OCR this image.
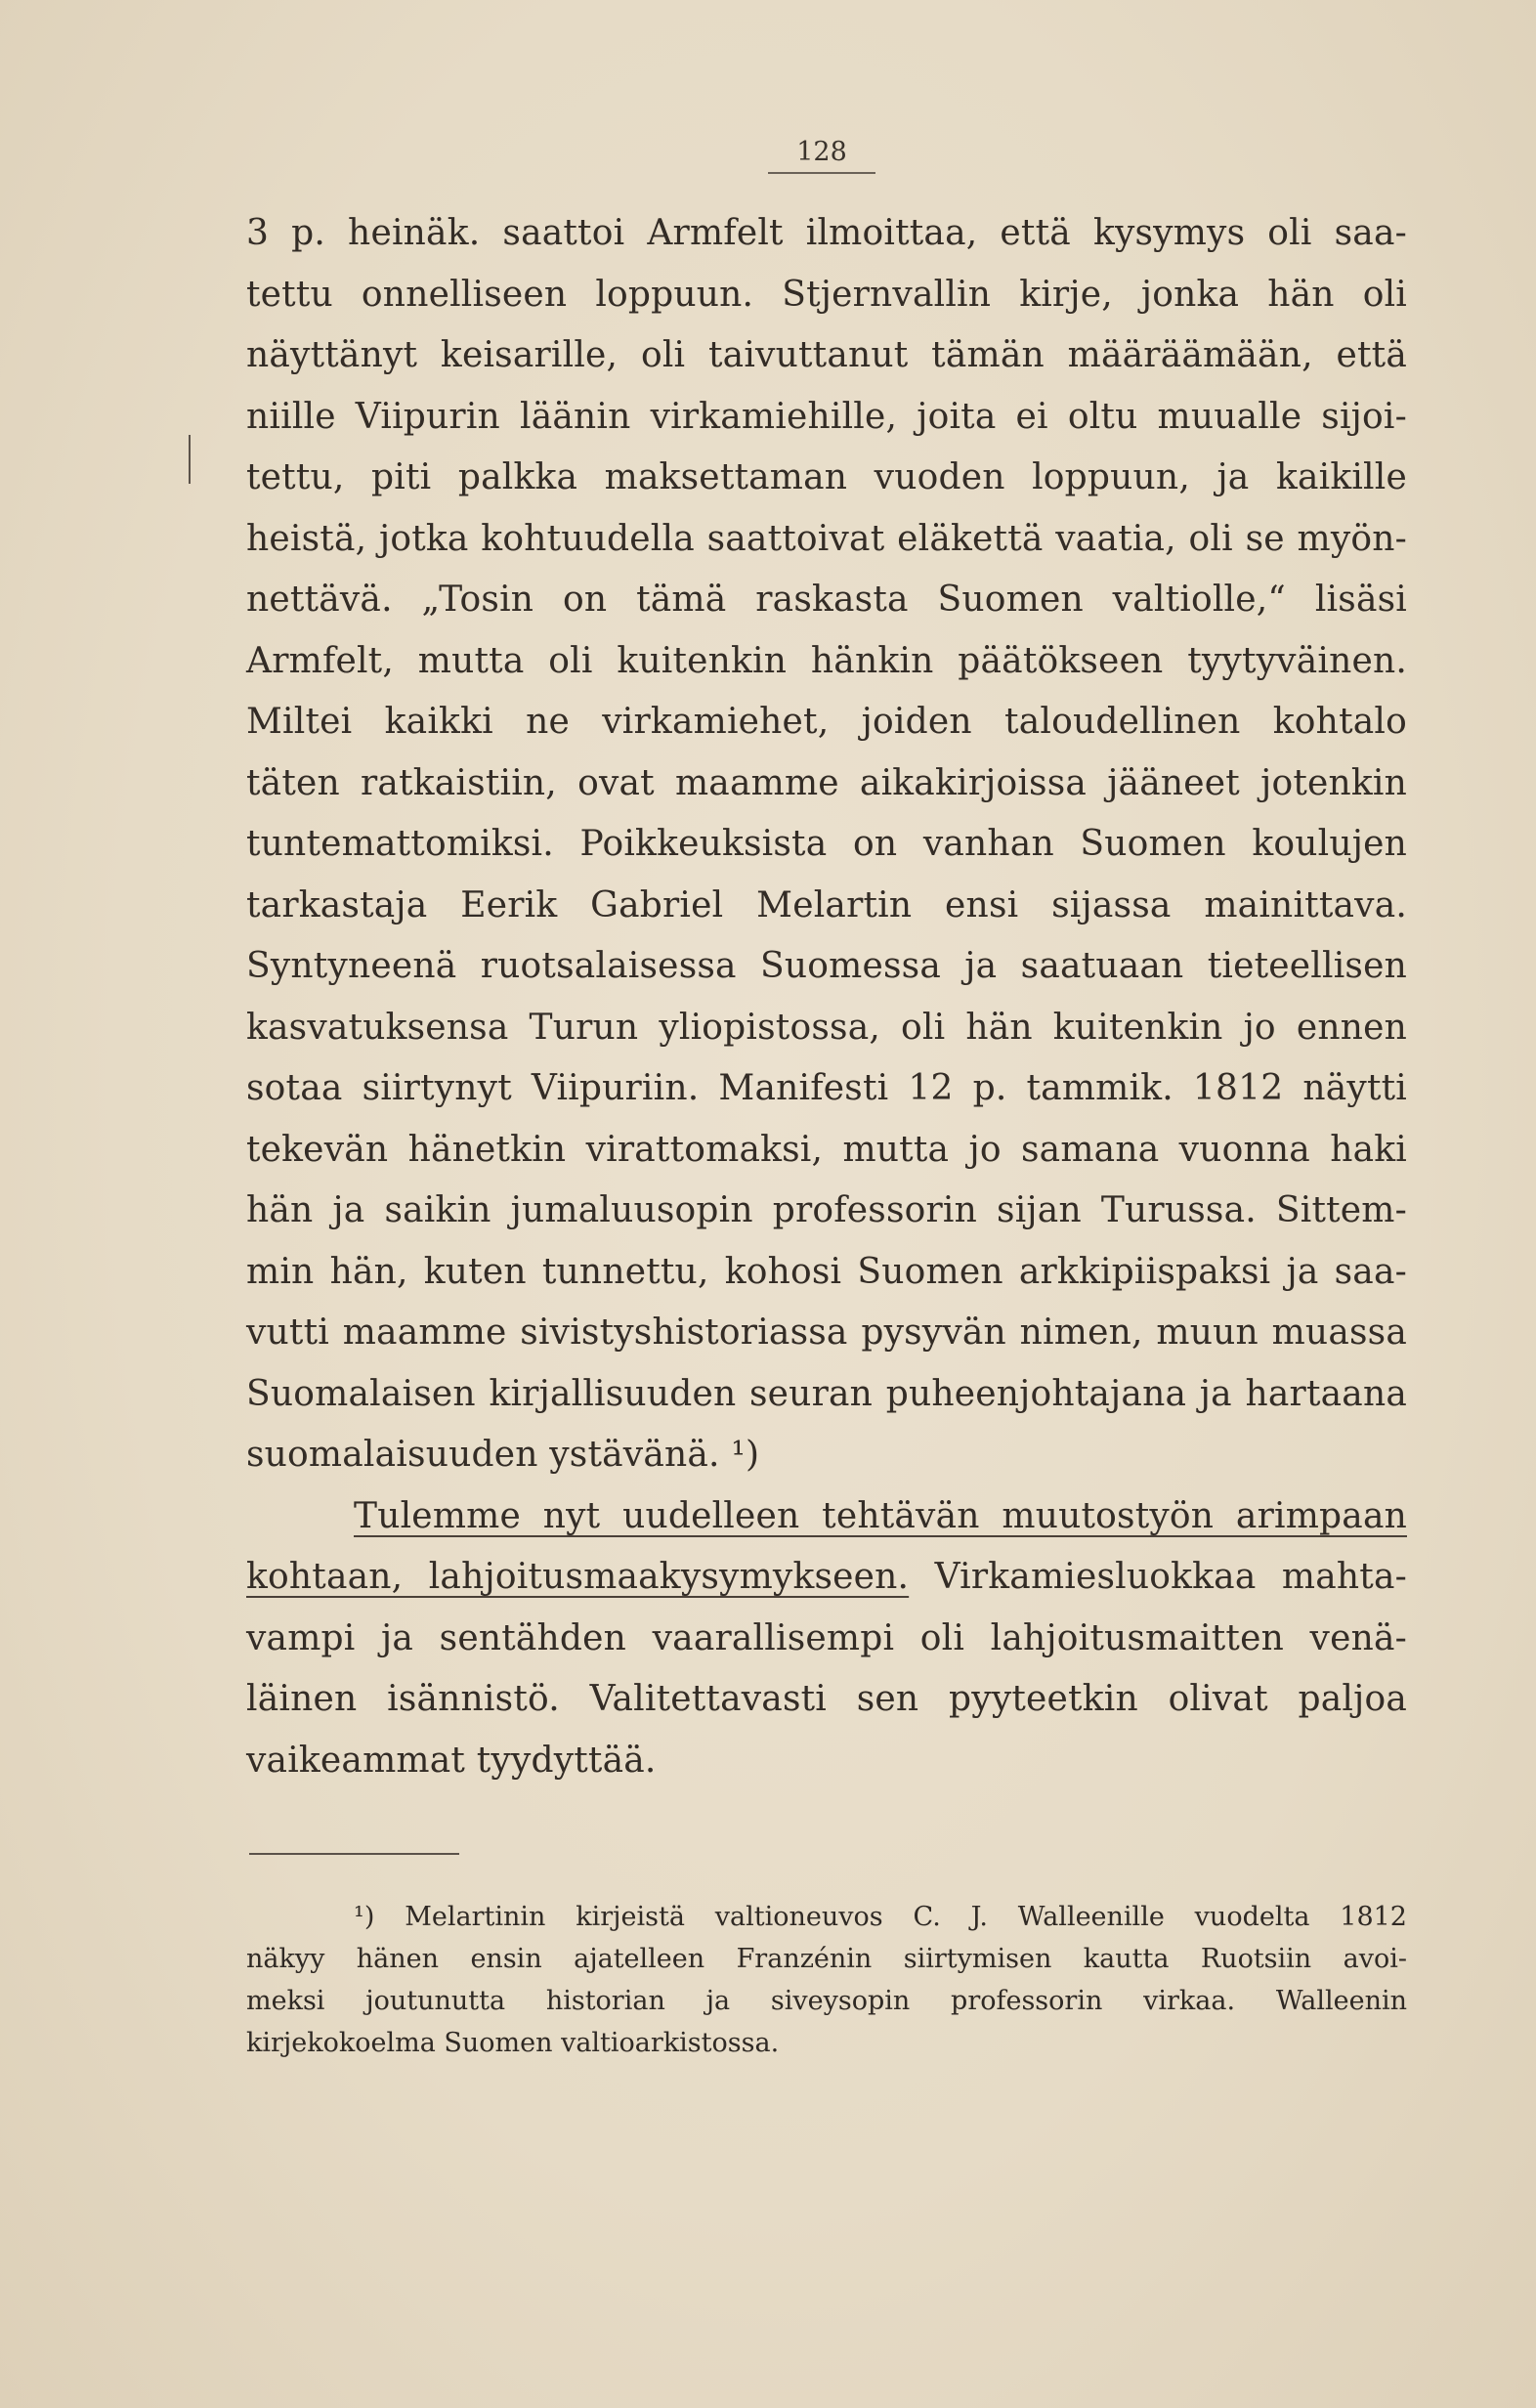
128
3 p. heinäk. saattoi Armfelt ilmoittaa, että kysymys oli saa-
tettu onnelliseen loppuun. Stjernvallin kirje, jonka hän oli
näyttänyt keisarille, oli taivuttanut tämän määräämään, että
niille Viipurin läänin virkamiehille, joita ei oltu muualle sijoi-
tettu, piti palkka maksettaman vuoden loppuun, ja kaikille
heistä, jotka kohtuudella saattoivat eläkettä vaatia, oli se myön-
nettävä. „Tosin on tämä raskasta Suomen valtiolle,“ lisäsi
Armfelt, mutta oli kuitenkin hänkin päätökseen tyytyväinen.
Miltei kaikki ne virkamiehet, joiden taloudellinen kohtalo
täten ratkaistiin, ovat maamme aikakirjoissa jääneet jotenkin
tuntemattomiksi. Poikkeuksista on vanhan Suomen koulujen
tarkastaja Eerik Gabriel Melartin ensi sijassa mainittava.
Syntyneenä ruotsalaisessa Suomessa ja saatuaan tieteellisen
kasvatuksensa Turun yliopistossa, oli hän kuitenkin jo ennen
sotaa siirtynyt Viipuriin. Manifesti 12 p. tammik. 1812 näytti
tekevän hänetkin virattomaksi, mutta jo samana vuonna haki
hän ja saikin jumaluusopin professorin sijan Turussa. Sittem-
min hän, kuten tunnettu, kohosi Suomen arkkipiispaksi ja saa-
vutti maamme sivistyshistoriassa pysyvän nimen, muun muassa
Suomalaisen kirjallisuuden seuran puheenjohtajana ja hartaana
suomalaisuuden ystävänä. ¹)
Tulemme nyt uudelleen tehtävän muutostyön arimpaan
kohtaan, lahjoitusmaakysymykseen. Virkamiesluokkaa mahta-
vampi ja sentähden vaarallisempi oli lahjoitusmaitten venä-
läinen isännistö. Valitettavasti sen pyyteetkin olivat paljoa
vaikeammat tyydyttää.
¹) Melartinin kirjeistä valtioneuvos C. J. Walleenille vuodelta 1812
näkyy hänen ensin ajatelleen Franzénin siirtymisen kautta Ruotsiin avoi-
meksi joutunutta historian ja siveysopin professorin virkaa. Walleenin
kirjekokoelma Suomen valtioarkistossa.
